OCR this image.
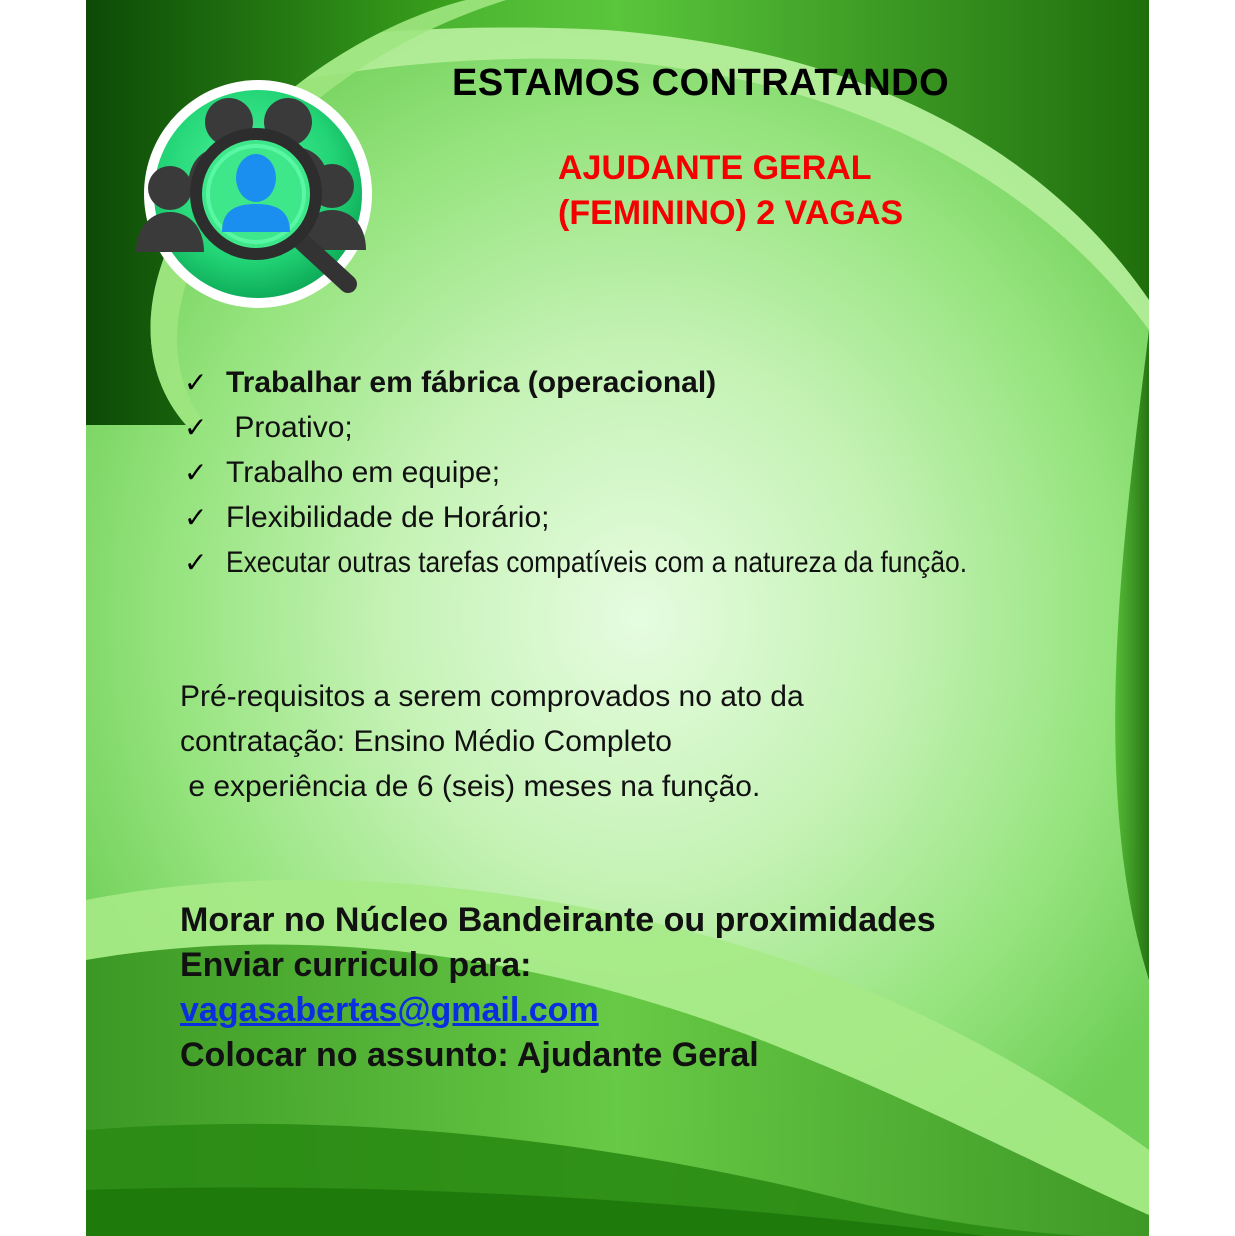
ESTAMOS CONTRATANDO
AJUDANTE GERAL
(FEMININO) 2 VAGAS
✓ Trabalhar em fábrica (operacional)
✓ Proativo;
✓ Trabalho em equipe;
✓ Flexibilidade de Horário;
✓ Executar outras tarefas compatíveis com a natureza da função.
Pré-requisitos a serem comprovados no ato da
contratação: Ensino Médio Completo
e experiência de 6 (seis) meses na função.
Morar no Núcleo Bandeirante ou proximidades
Enviar curriculo para:
vagasabertas@gmail.com
Colocar no assunto: Ajudante Geral
